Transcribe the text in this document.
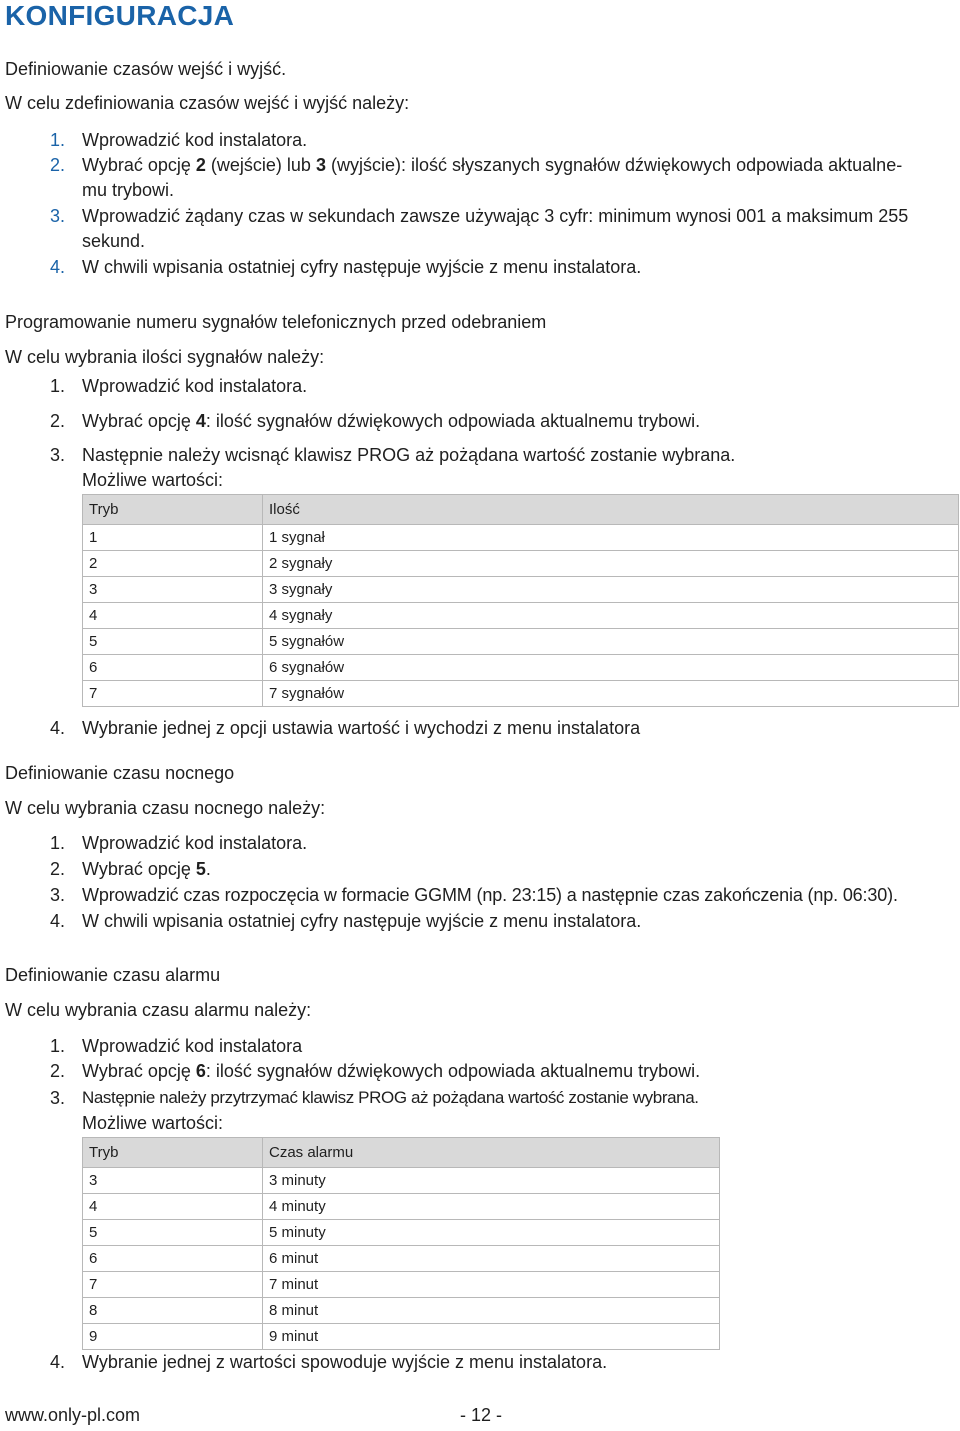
KONFIGURACJA
Definiowanie czasów wejść i wyjść.
W celu zdefiniowania czasów wejść i wyjść należy:
1. Wprowadzić kod instalatora.
2. Wybrać opcję 2 (wejście) lub 3 (wyjście): ilość słyszanych sygnałów dźwiękowych odpowiada aktualne-
mu trybowi.
3. Wprowadzić żądany czas w sekundach zawsze używając 3 cyfr: minimum wynosi 001 a maksimum 255
sekund.
4. W chwili wpisania ostatniej cyfry następuje wyjście z menu instalatora.
Programowanie numeru sygnałów telefonicznych przed odebraniem
W celu wybrania ilości sygnałów należy:
1. Wprowadzić kod instalatora.
2. Wybrać opcję 4: ilość sygnałów dźwiękowych odpowiada aktualnemu trybowi.
3. Następnie należy wcisnąć klawisz PROG aż pożądana wartość zostanie wybrana.
Możliwe wartości:
Tryb	Ilość
1	1 sygnał
2	2 sygnały
3	3 sygnały
4	4 sygnały
5	5 sygnałów
6	6 sygnałów
7	7 sygnałów
4. Wybranie jednej z opcji ustawia wartość i wychodzi z menu instalatora
Definiowanie czasu nocnego
W celu wybrania czasu nocnego należy:
1. Wprowadzić kod instalatora.
2. Wybrać opcję 5.
3. Wprowadzić czas rozpoczęcia w formacie GGMM (np. 23:15) a następnie czas zakończenia (np. 06:30).
4. W chwili wpisania ostatniej cyfry następuje wyjście z menu instalatora.
Definiowanie czasu alarmu
W celu wybrania czasu alarmu należy:
1. Wprowadzić kod instalatora
2. Wybrać opcję 6: ilość sygnałów dźwiękowych odpowiada aktualnemu trybowi.
3. Następnie należy przytrzymać klawisz PROG aż pożądana wartość zostanie wybrana.
Możliwe wartości:
Tryb	Czas alarmu
3	3 minuty
4	4 minuty
5	5 minuty
6	6 minut
7	7 minut
8	8 minut
9	9 minut
4. Wybranie jednej z wartości spowoduje wyjście z menu instalatora.
www.only-pl.com	- 12 -
